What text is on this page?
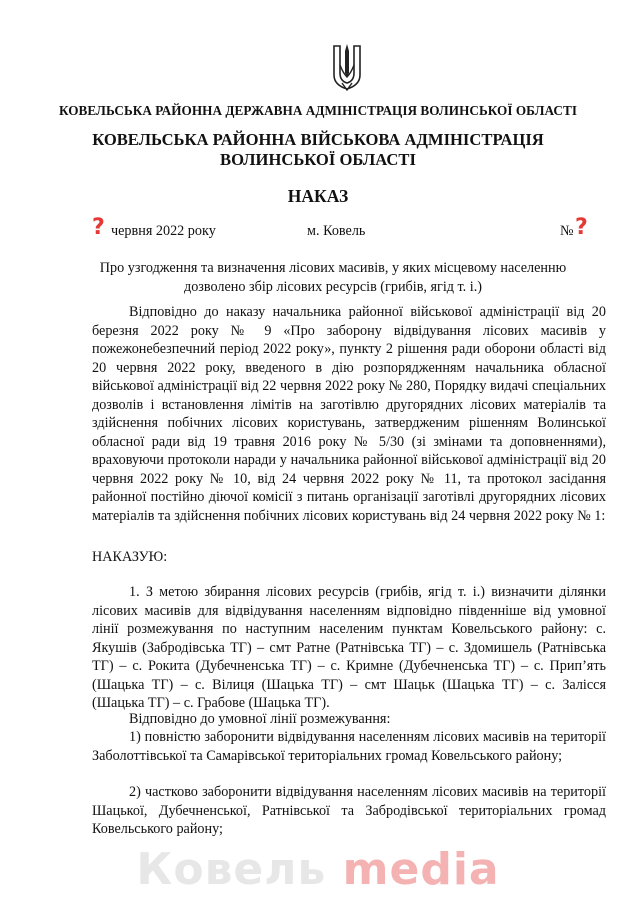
КОВЕЛЬСЬКА РАЙОННА ДЕРЖАВНА АДМІНІСТРАЦІЯ ВОЛИНСЬКОЇ ОБЛАСТІ
КОВЕЛЬСЬКА РАЙОННА ВІЙСЬКОВА АДМІНІСТРАЦІЯ
ВОЛИНСЬКОЇ ОБЛАСТІ
НАКАЗ
? червня 2022 року	м. Ковель	№ ?
Про узгодження та визначення лісових масивів, у яких місцевому населенню
дозволено збір лісових ресурсів (грибів, ягід т. і.)
Відповідно до наказу начальника районної військової адміністрації від 20 березня 2022 року № 9 «Про заборону відвідування лісових масивів у пожежонебезпечний період 2022 року», пункту 2 рішення ради оборони області від 20 червня 2022 року, введеного в дію розпорядженням начальника обласної військової адміністрації від 22 червня 2022 року № 280, Порядку видачі спеціальних дозволів і встановлення лімітів на заготівлю другорядних лісових матеріалів та здійснення побічних лісових користувань, затвердженим рішенням Волинської обласної ради від 19 травня 2016 року № 5/30 (зі змінами та доповненнями), враховуючи протоколи наради у начальника районної військової адміністрації від 20 червня 2022 року № 10, від 24 червня 2022 року № 11, та протокол засідання районної постійно діючої комісії з питань організації заготівлі другорядних лісових матеріалів та здійснення побічних лісових користувань від 24 червня 2022 року № 1:
НАКАЗУЮ:
1. З метою збирання лісових ресурсів (грибів, ягід т. і.) визначити ділянки лісових масивів для відвідування населенням відповідно південніше від умовної лінії розмежування по наступним населеним пунктам Ковельського району: с. Якушів (Забродівська ТГ) – смт Ратне (Ратнівська ТГ) – с. Здомишель (Ратнівська ТГ) – с. Рокита (Дубечненська ТГ) – с. Кримне (Дубечненська ТГ) – с. Прип’ять (Шацька ТГ) – с. Вілиця (Шацька ТГ) – смт Шацьк (Шацька ТГ) – с. Залісся (Шацька ТГ) – с. Грабове (Шацька ТГ).
Відповідно до умовної лінії розмежування:
1) повністю заборонити відвідування населенням лісових масивів на території Заболоттівської та Самарівської територіальних громад Ковельського району;
2) частково заборонити відвідування населенням лісових масивів на території Шацької, Дубечненської, Ратнівської та Забродівської територіальних громад Ковельського району;
Ковель media
